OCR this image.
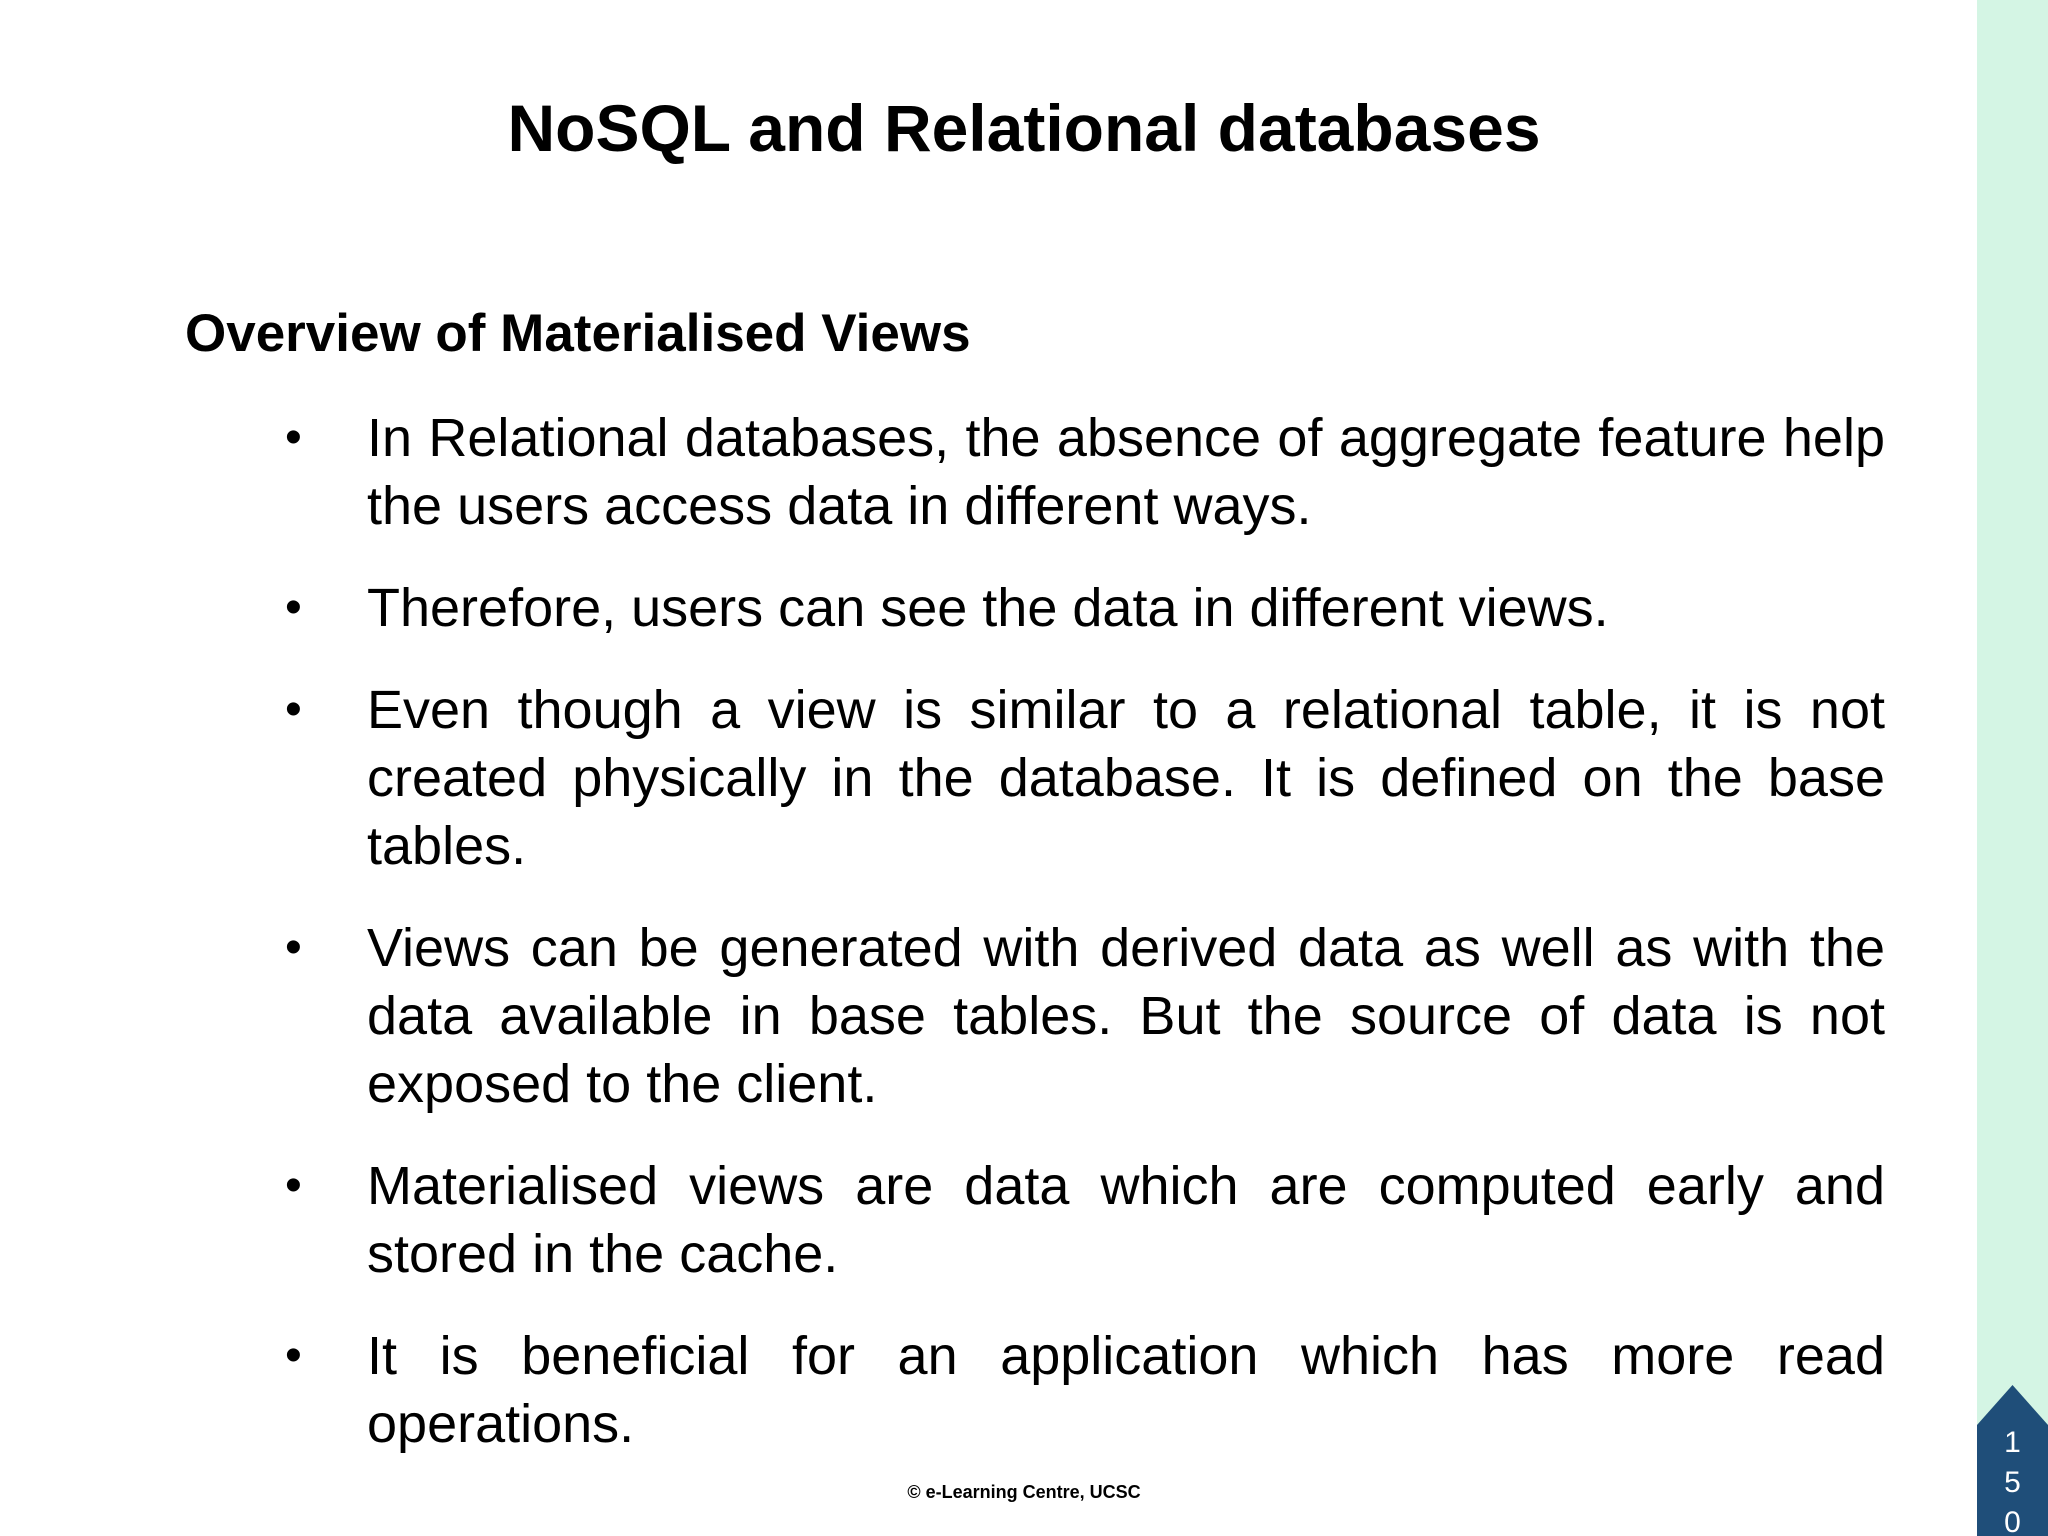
NoSQL and Relational databases
Overview of Materialised Views
• In Relational databases, the absence of aggregate feature help the users access data in different ways.
• Therefore, users can see the data in different views.
• Even though a view is similar to a relational table, it is not created physically in the database. It is defined on the base tables.
• Views can be generated with derived data as well as with the data available in base tables. But the source of data is not exposed to the client.
• Materialised views are data which are computed early and stored in the cache.
• It is beneficial for an application which has more read operations.
© e-Learning Centre, UCSC
150
